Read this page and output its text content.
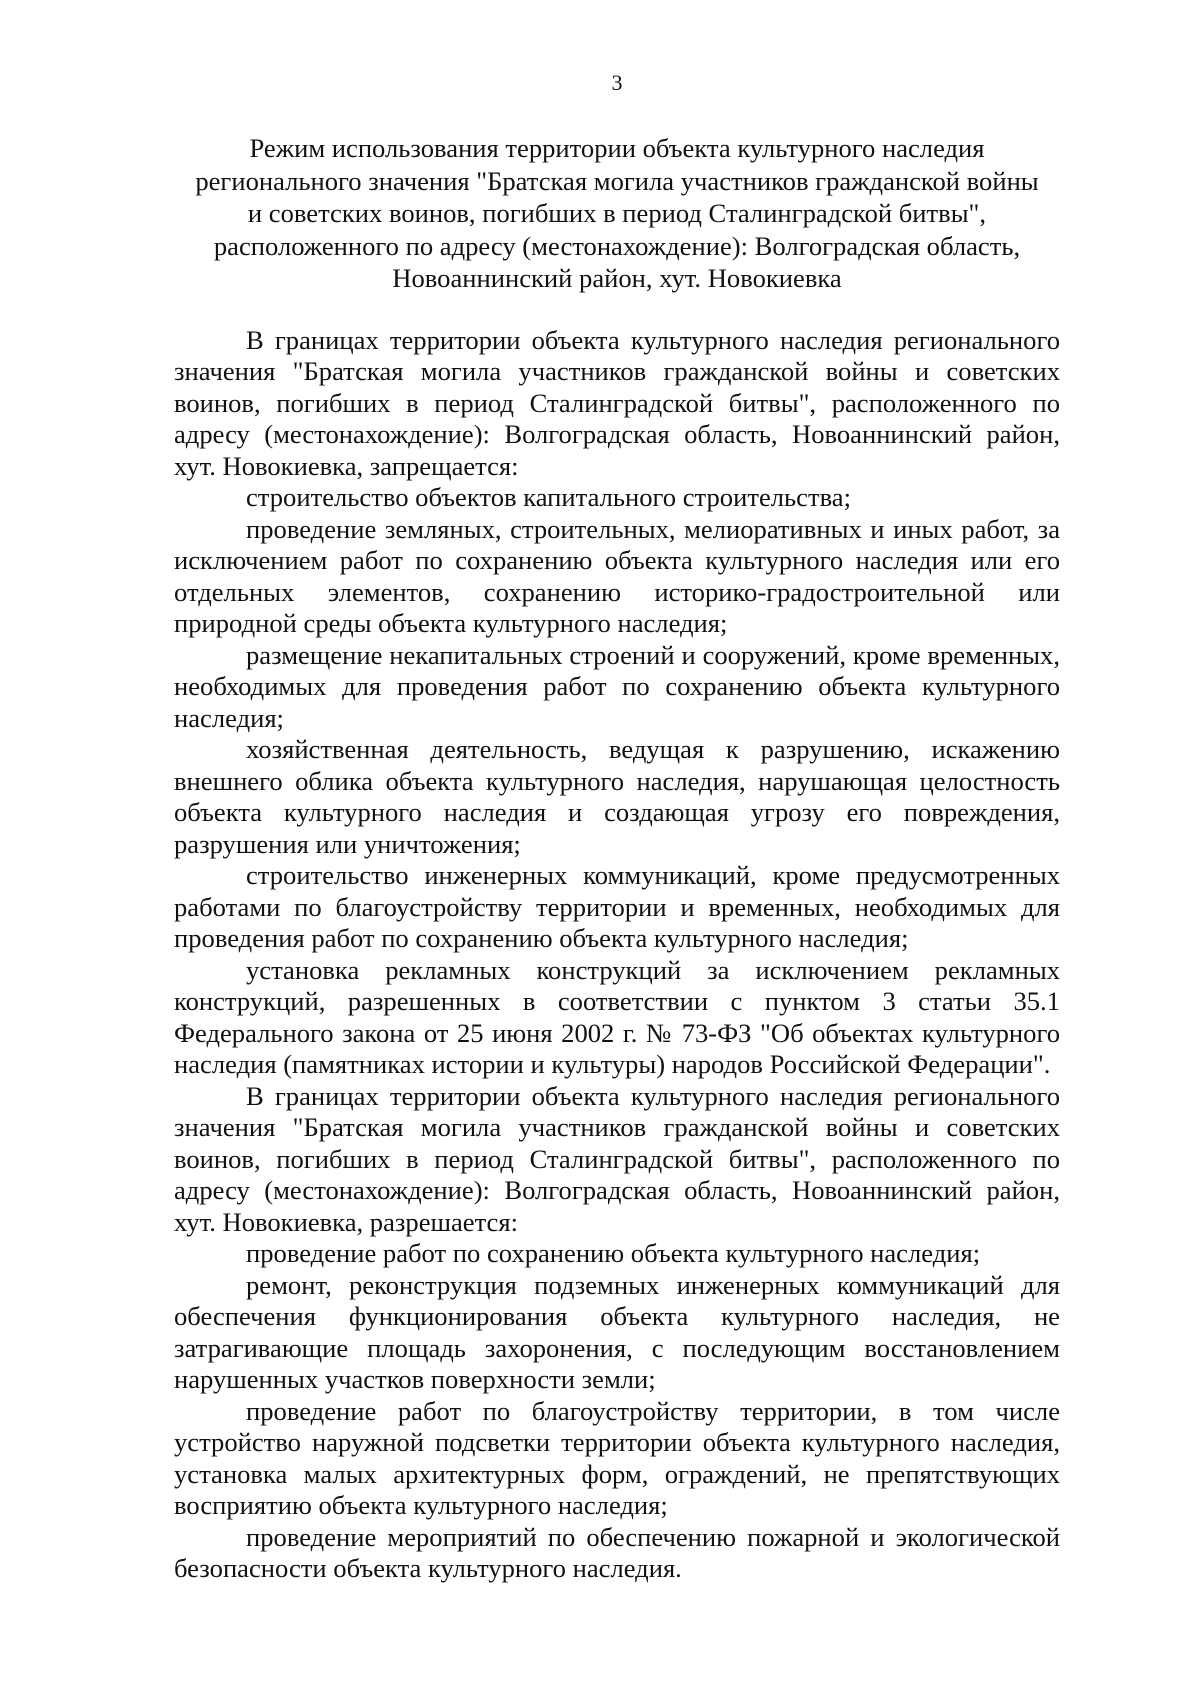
3
Режим использования территории объекта культурного наследия
регионального значения "Братская могила участников гражданской войны
и советских воинов, погибших в период Сталинградской битвы",
расположенного по адресу (местонахождение): Волгоградская область,
Новоаннинский район, хут. Новокиевка

В границах территории объекта культурного наследия регионального значения "Братская могила участников гражданской войны и советских воинов, погибших в период Сталинградской битвы", расположенного по адресу (местонахождение): Волгоградская область, Новоаннинский район, хут. Новокиевка, запрещается:

строительство объектов капитального строительства;

проведение земляных, строительных, мелиоративных и иных работ, за исключением работ по сохранению объекта культурного наследия или его отдельных элементов, сохранению историко-градостроительной или природной среды объекта культурного наследия;

размещение некапитальных строений и сооружений, кроме временных, необходимых для проведения работ по сохранению объекта культурного наследия;

хозяйственная деятельность, ведущая к разрушению, искажению внешнего облика объекта культурного наследия, нарушающая целостность объекта культурного наследия и создающая угрозу его повреждения, разрушения или уничтожения;

строительство инженерных коммуникаций, кроме предусмотренных работами по благоустройству территории и временных, необходимых для проведения работ по сохранению объекта культурного наследия;

установка рекламных конструкций за исключением рекламных конструкций, разрешенных в соответствии с пунктом 3 статьи 35.1 Федерального закона от 25 июня 2002 г. № 73-ФЗ "Об объектах культурного наследия (памятниках истории и культуры) народов Российской Федерации".

В границах территории объекта культурного наследия регионального значения "Братская могила участников гражданской войны и советских воинов, погибших в период Сталинградской битвы", расположенного по адресу (местонахождение): Волгоградская область, Новоаннинский район, хут. Новокиевка, разрешается:

проведение работ по сохранению объекта культурного наследия;

ремонт, реконструкция подземных инженерных коммуникаций для обеспечения функционирования объекта культурного наследия, не затрагивающие площадь захоронения, с последующим восстановлением нарушенных участков поверхности земли;

проведение работ по благоустройству территории, в том числе устройство наружной подсветки территории объекта культурного наследия, установка малых архитектурных форм, ограждений, не препятствующих восприятию объекта культурного наследия;

проведение мероприятий по обеспечению пожарной и экологической безопасности объекта культурного наследия.
